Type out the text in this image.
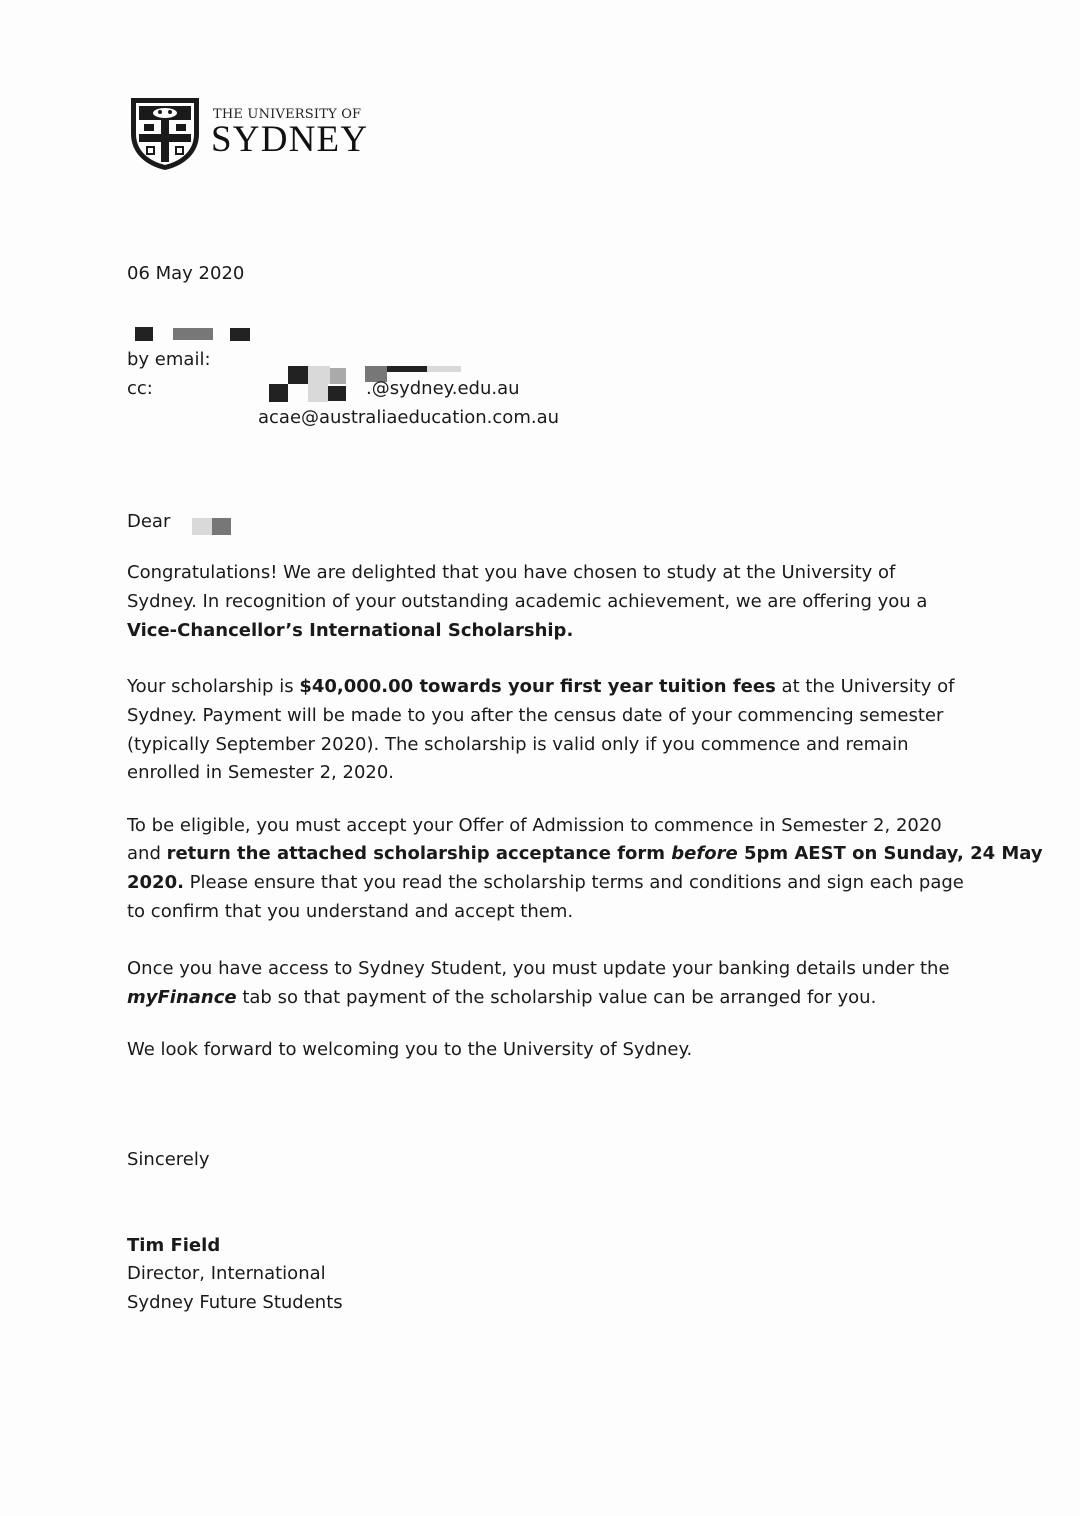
THE UNIVERSITY OF
SYDNEY
06 May 2020
by email:
cc:	.@sydney.edu.au
acae@australiaeducation.com.au
Dear
Congratulations! We are delighted that you have chosen to study at the University of
Sydney. In recognition of your outstanding academic achievement, we are offering you a
Vice-Chancellor’s International Scholarship.
Your scholarship is $40,000.00 towards your first year tuition fees at the University of
Sydney. Payment will be made to you after the census date of your commencing semester
(typically September 2020). The scholarship is valid only if you commence and remain
enrolled in Semester 2, 2020.
To be eligible, you must accept your Offer of Admission to commence in Semester 2, 2020
and return the attached scholarship acceptance form before 5pm AEST on Sunday, 24 May
2020. Please ensure that you read the scholarship terms and conditions and sign each page
to confirm that you understand and accept them.
Once you have access to Sydney Student, you must update your banking details under the
myFinance tab so that payment of the scholarship value can be arranged for you.
We look forward to welcoming you to the University of Sydney.
Sincerely
Tim Field
Director, International
Sydney Future Students
